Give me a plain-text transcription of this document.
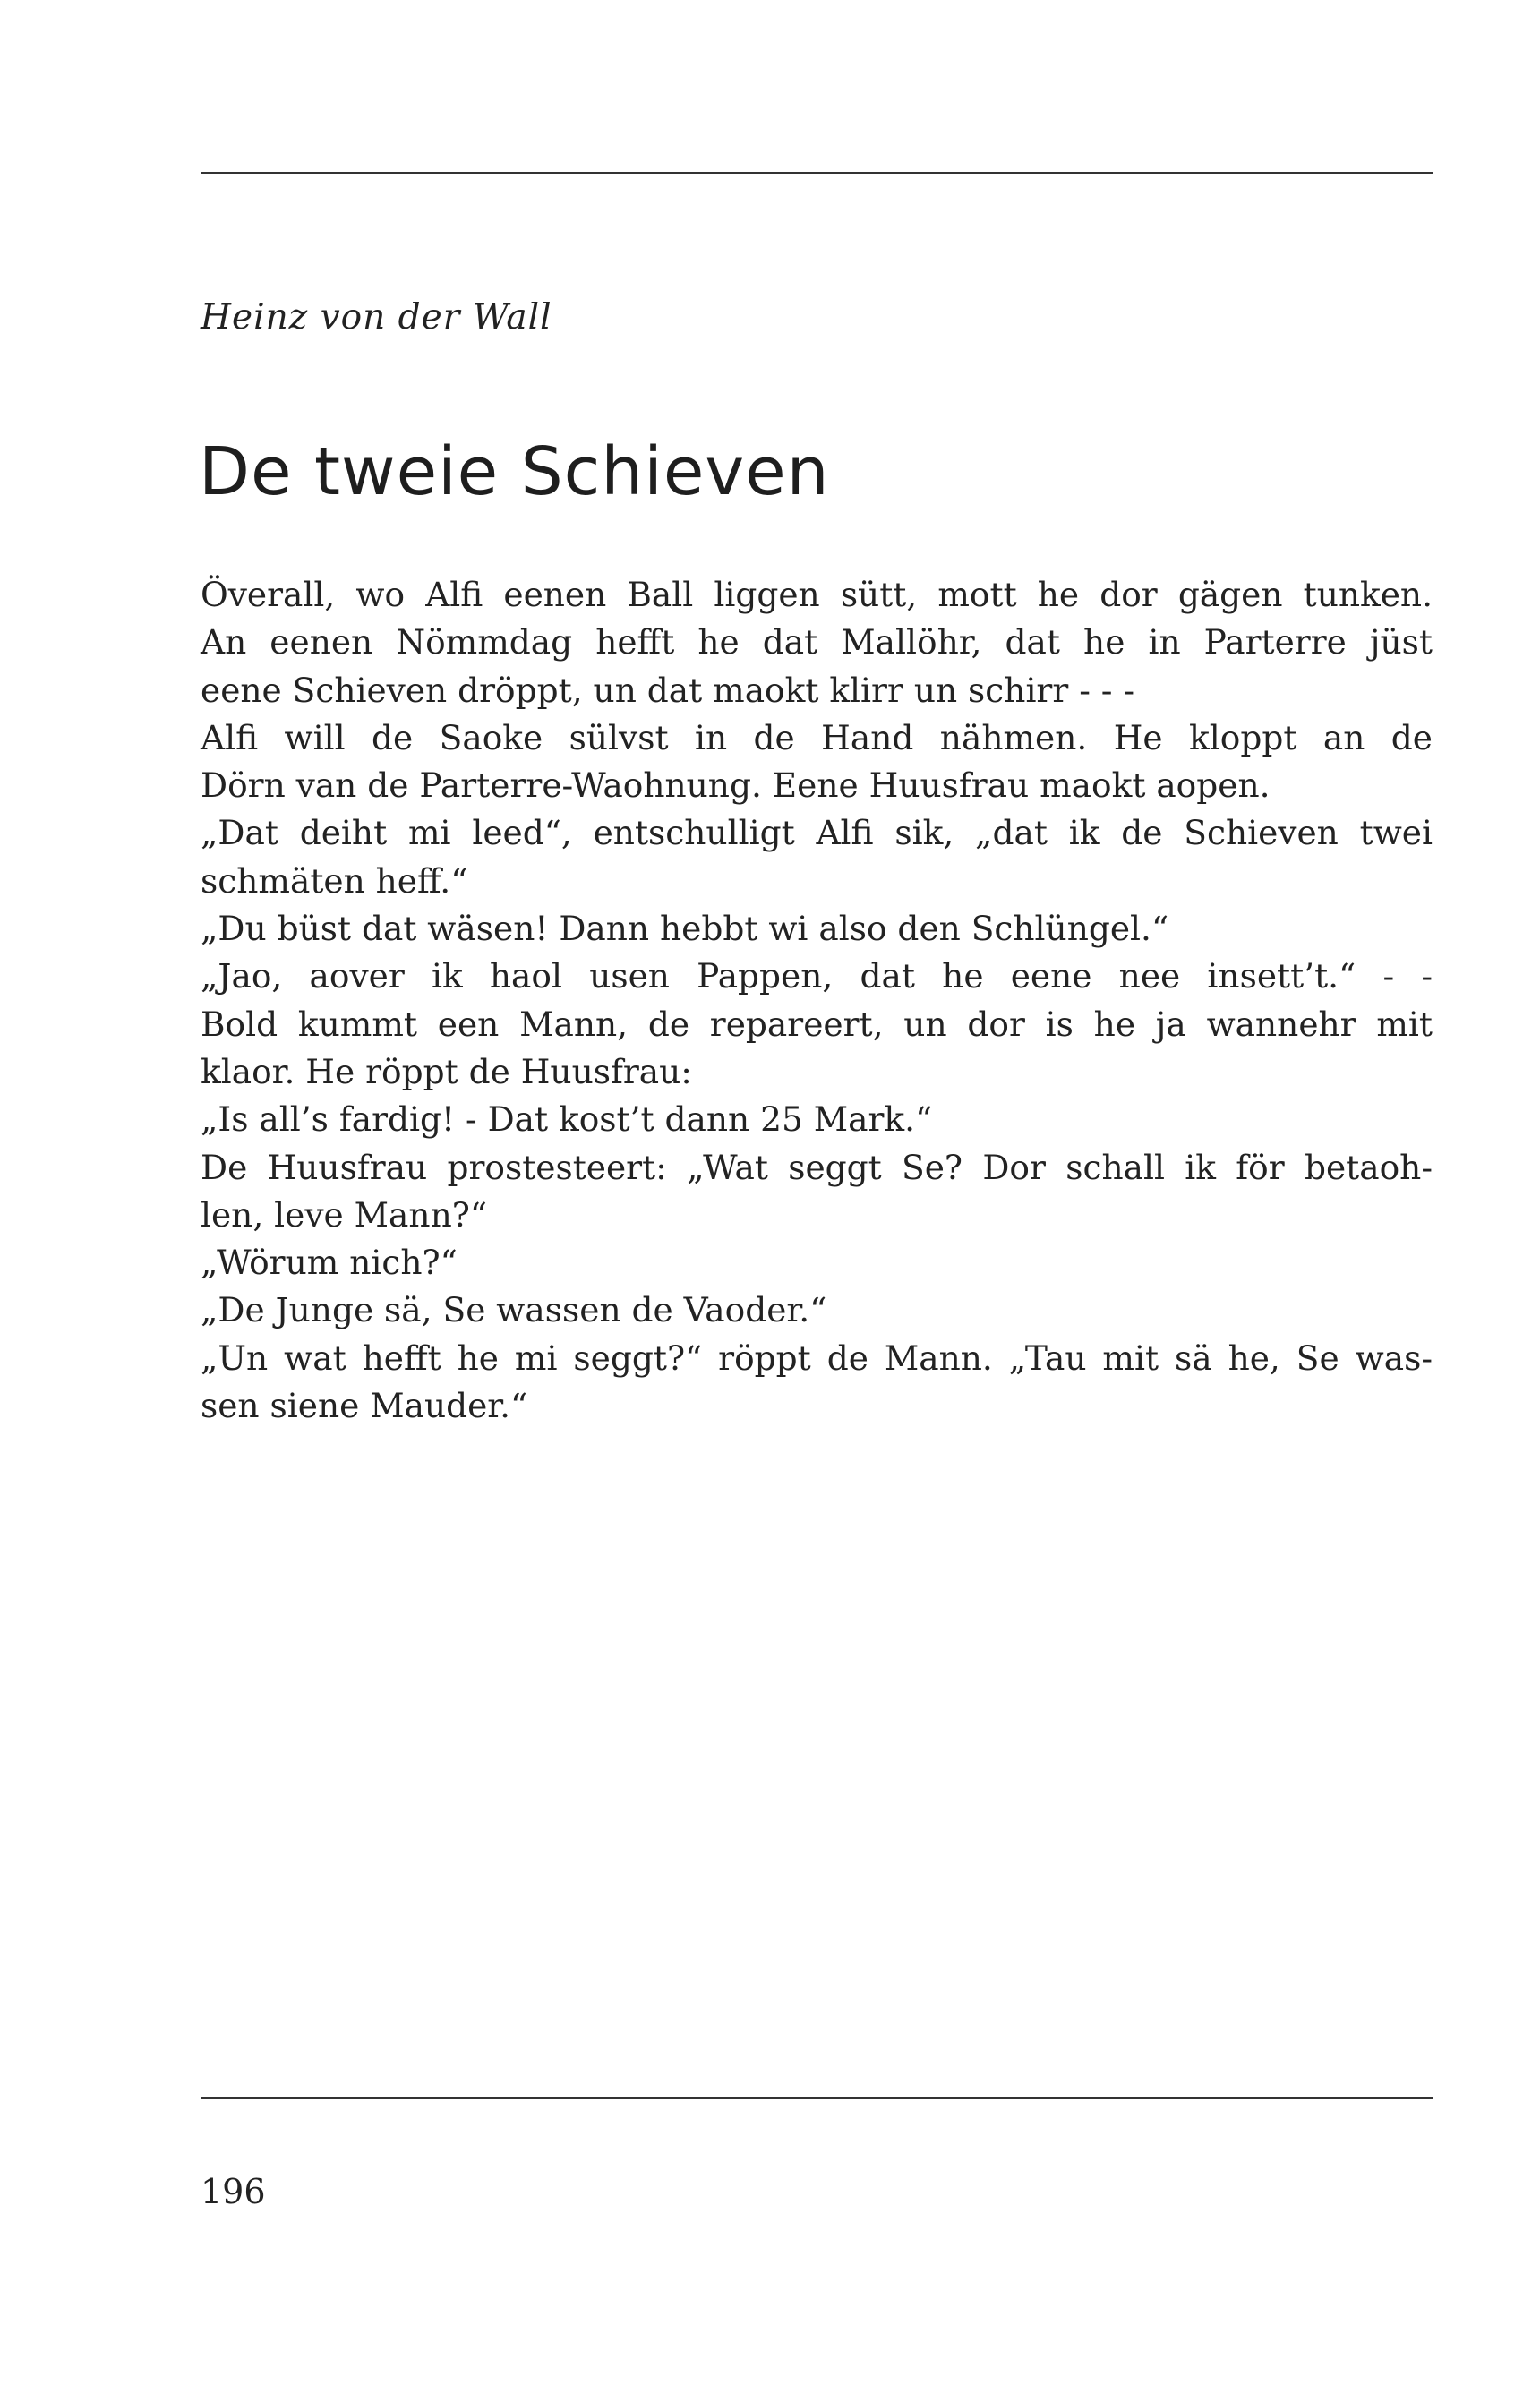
Heinz von der Wall
De tweie Schieven
Överall, wo Alfi eenen Ball liggen sütt, mott he dor gägen tunken.
An eenen Nömmdag hefft he dat Mallöhr, dat he in Parterre jüst
eene Schieven dröppt, un dat maokt klirr un schirr - - -
Alfi will de Saoke sülvst in de Hand nähmen. He kloppt an de
Dörn van de Parterre-Waohnung. Eene Huusfrau maokt aopen.
„Dat deiht mi leed“, entschulligt Alfi sik, „dat ik de Schieven twei
schmäten heff.“
„Du büst dat wäsen! Dann hebbt wi also den Schlüngel.“
„Jao, aover ik haol usen Pappen, dat he eene nee insett’t.“ - -
Bold kummt een Mann, de repareert, un dor is he ja wannehr mit
klaor. He röppt de Huusfrau:
„Is all’s fardig! - Dat kost’t dann 25 Mark.“
De Huusfrau prostesteert: „Wat seggt Se? Dor schall ik för betaoh-
len, leve Mann?“
„Wörum nich?“
„De Junge sä, Se wassen de Vaoder.“
„Un wat hefft he mi seggt?“ röppt de Mann. „Tau mit sä he, Se was-
sen siene Mauder.“
196
